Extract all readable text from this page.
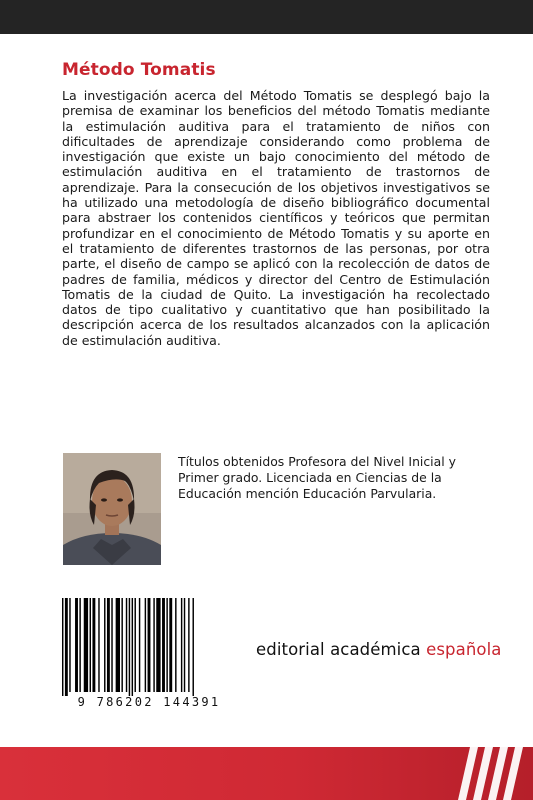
Método Tomatis

La investigación acerca del Método Tomatis se desplegó bajo la premisa de examinar los beneficios del método Tomatis mediante la estimulación auditiva para el tratamiento de niños con dificultades de aprendizaje considerando como problema de investigación que existe un bajo conocimiento del método de estimulación auditiva en el tratamiento de trastornos de aprendizaje. Para la consecución de los objetivos investigativos se ha utilizado una metodología de diseño bibliográfico documental para abstraer los contenidos científicos y teóricos que permitan profundizar en el conocimiento de Método Tomatis y su aporte en el tratamiento de diferentes trastornos de las personas, por otra parte, el diseño de campo se aplicó con la recolección de datos de padres de familia, médicos y director del Centro de Estimulación Tomatis de la ciudad de Quito. La investigación ha recolectado datos de tipo cualitativo y cuantitativo que han posibilitado la descripción acerca de los resultados alcanzados con la aplicación de estimulación auditiva.

Títulos obtenidos Profesora del Nivel Inicial y Primer grado. Licenciada en Ciencias de la Educación mención Educación Parvularia.

9 786202 144391

editorial académica española
